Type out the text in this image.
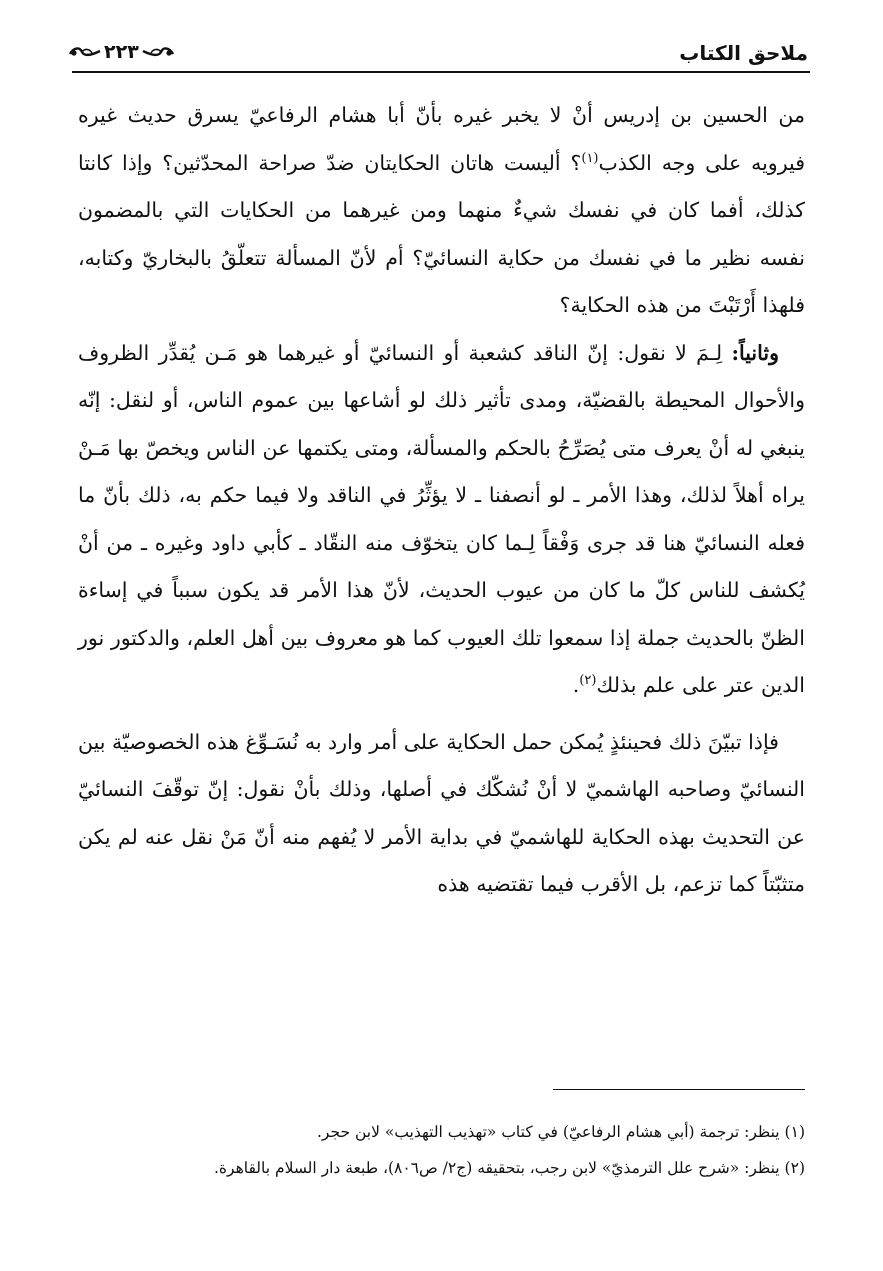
ملاحق الكتاب
٢٢٣

من الحسين بن إدريس أنْ لا يخبر غيره بأنّ أبا هشام الرفاعيّ يسرق حديث غيره فيرويه على وجه الكذب$^{(١)}$؟ أليست هاتان الحكايتان ضدّ صراحة المحدّثين؟ وإذا كانتا كذلك، أفما كان في نفسك شيءٌ منهما ومن غيرهما من الحكايات التي بالمضمون نفسه نظير ما في نفسك من حكاية النسائيّ؟ أم لأنّ المسألة تتعلّقُ بالبخاريّ وكتابه، فلهذا أَرْتَبْتَ من هذه الحكاية؟

وثانياً: لِـمَ لا نقول: إنّ الناقد كشعبة أو النسائيّ أو غيرهما هو مَـن يُقدِّر الظروف والأحوال المحيطة بالقضيّة، ومدى تأثير ذلك لو أشاعها بين عموم الناس، أو لنقل: إنّه ينبغي له أنْ يعرف متى يُصَرِّحُ بالحكم والمسألة، ومتى يكتمها عن الناس ويخصّ بها مَـنْ يراه أهلاً لذلك، وهذا الأمر ـ لو أنصفنا ـ لا يؤثِّرُ في الناقد ولا فيما حكم به، ذلك بأنّ ما فعله النسائيّ هنا قد جرى وَفْقاً لِـما كان يتخوّف منه النقّاد ـ كأبي داود وغيره ـ من أنْ يُكشف للناس كلّ ما كان من عيوب الحديث، لأنّ هذا الأمر قد يكون سبباً في إساءة الظنّ بالحديث جملة إذا سمعوا تلك العيوب كما هو معروف بين أهل العلم، والدكتور نور الدين عتر على علم بذلك$^{(٢)}$.

فإذا تبيّنَ ذلك فحينئذٍ يُمكن حمل الحكاية على أمر وارد به نُسَـوِّغ هذه الخصوصيّة بين النسائيّ وصاحبه الهاشميّ لا أنْ نُشكّك في أصلها، وذلك بأنْ نقول: إنّ توقّفَ النسائيّ عن التحديث بهذه الحكاية للهاشميّ في بداية الأمر لا يُفهم منه أنّ مَنْ نقل عنه لم يكن متثبّتاً كما تزعم، بل الأقرب فيما تقتضيه هذه

(١) ينظر: ترجمة (أبي هشام الرفاعيّ) في كتاب «تهذيب التهذيب» لابن حجر.

(٢) ينظر: «شرح علل الترمذيّ» لابن رجب، بتحقيقه (ج٢/ ص٨٠٦)، طبعة دار السلام بالقاهرة.
